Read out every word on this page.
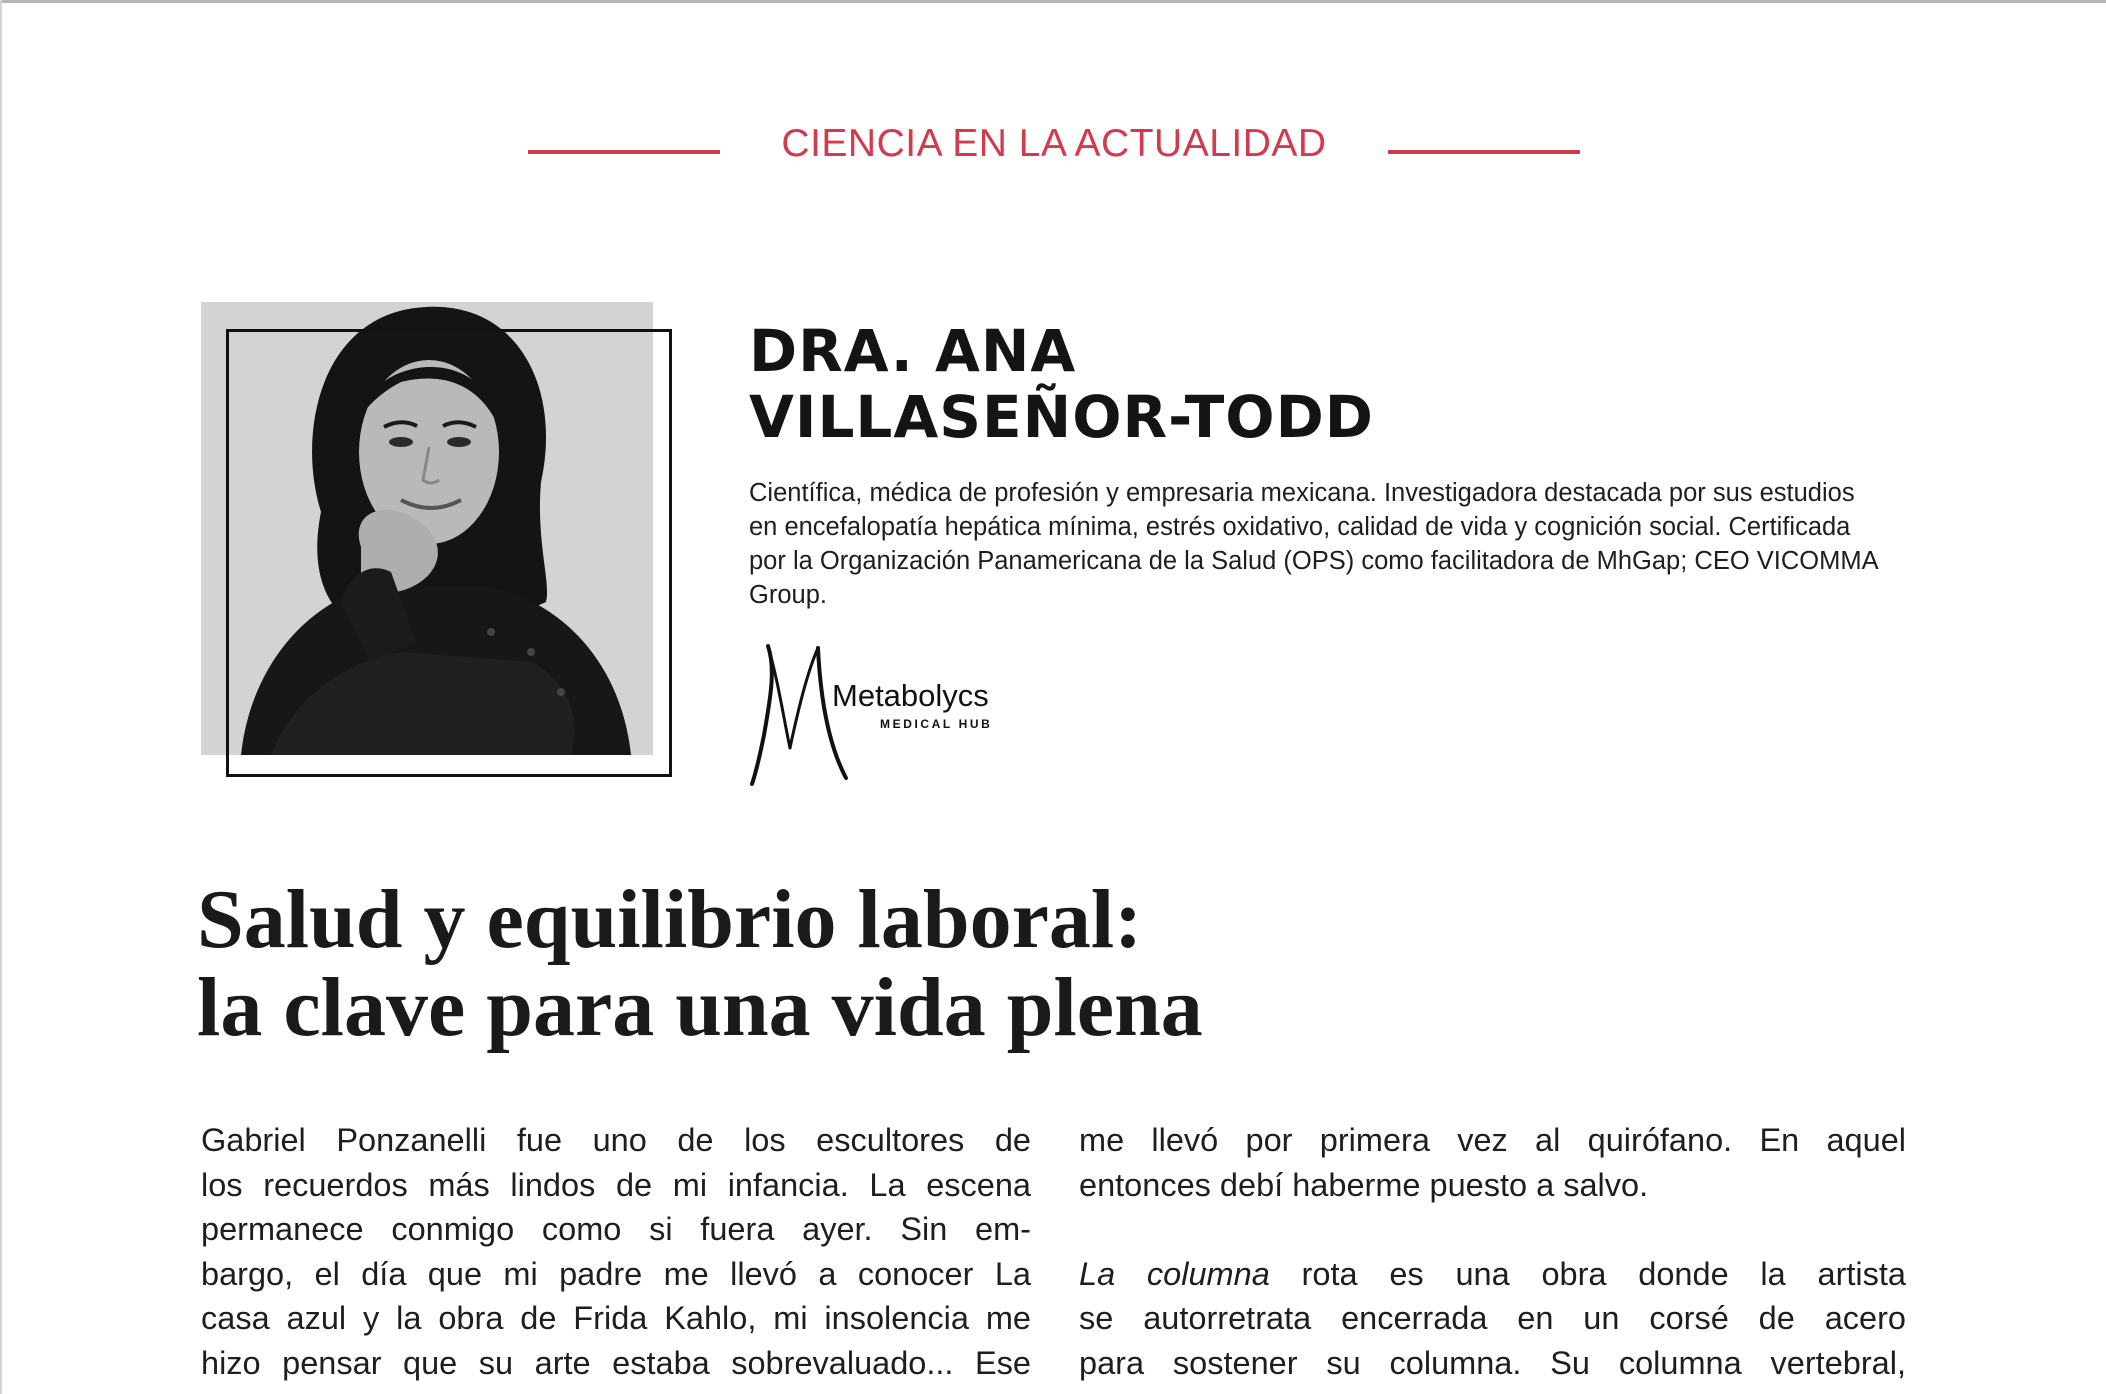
CIENCIA EN LA ACTUALIDAD
DRA. ANA
VILLASEÑOR-TODD
Científica, médica de profesión y empresaria mexicana. Investigadora destacada por sus estudios en encefalopatía hepática mínima, estrés oxidativo, calidad de vida y cognición social. Certificada por la Organización Panamericana de la Salud (OPS) como facilitadora de MhGap; CEO VICOMMA Group.
Metabolycs
MEDICAL HUB
Salud y equilibrio laboral:
la clave para una vida plena
Gabriel Ponzanelli fue uno de los escultores de
los recuerdos más lindos de mi infancia. La escena
permanece conmigo como si fuera ayer. Sin em-
bargo, el día que mi padre me llevó a conocer La
casa azul y la obra de Frida Kahlo, mi insolencia me
hizo pensar que su arte estaba sobrevaluado... Ese
me llevó por primera vez al quirófano. En aquel
entonces debí haberme puesto a salvo.
La columna rota es una obra donde la artista
se autorretrata encerrada en un corsé de acero
para sostener su columna. Su columna vertebral,
